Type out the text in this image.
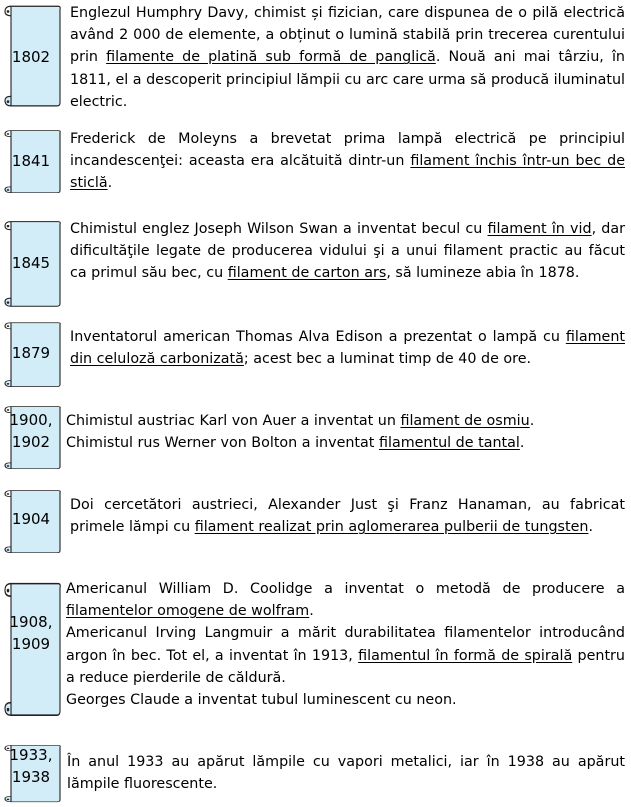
1802

Englezul Humphry Davy, chimist și fizician, care dispunea de o pilă electrică având 2 000 de elemente, a obținut o lumină stabilă prin trecerea curentului prin filamente de platină sub formă de panglică. Nouă ani mai târziu, în 1811, el a descoperit principiul lămpii cu arc care urma să producă iluminatul electric.

1841

Frederick de Moleyns a brevetat prima lampă electrică pe principiul incandescenţei: aceasta era alcătuită dintr-un filament închis într-un bec de sticlă.

1845

Chimistul englez Joseph Wilson Swan a inventat becul cu filament în vid, dar dificultăţile legate de producerea vidului şi a unui filament practic au făcut ca primul său bec, cu filament de carton ars, să lumineze abia în 1878.

1879

Inventatorul american Thomas Alva Edison a prezentat o lampă cu filament din celuloză carbonizată; acest bec a luminat timp de 40 de ore.

1900,
1902

Chimistul austriac Karl von Auer a inventat un filament de osmiu.

Chimistul rus Werner von Bolton a inventat filamentul de tantal.

1904

Doi cercetători austrieci, Alexander Just şi Franz Hanaman, au fabricat primele lămpi cu filament realizat prin aglomerarea pulberii de tungsten.

1908,
1909

Americanul William D. Coolidge a inventat o metodă de producere a filamentelor omogene de wolfram.

Americanul Irving Langmuir a mărit durabilitatea filamentelor introducând argon în bec. Tot el, a inventat în 1913, filamentul în formă de spirală pentru a reduce pierderile de căldură.

Georges Claude a inventat tubul luminescent cu neon.

1933,
1938

În anul 1933 au apărut lămpile cu vapori metalici, iar în 1938 au apărut lămpile fluorescente.
